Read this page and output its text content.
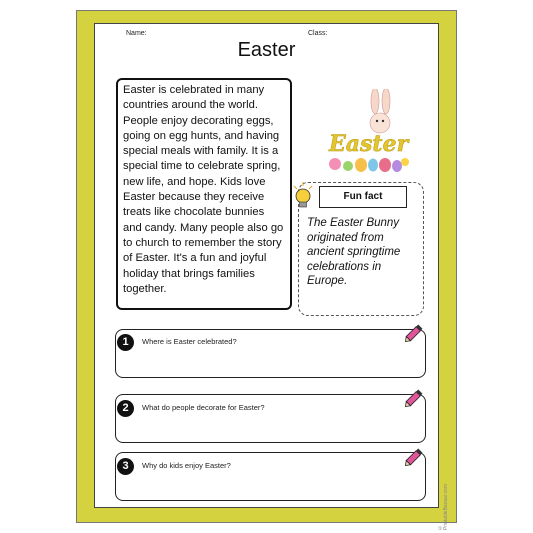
Name:	Class:
Easter
Easter is celebrated in many countries around the world. People enjoy decorating eggs, going on egg hunts, and having special meals with family. It is a special time to celebrate spring, new life, and hope. Kids love Easter because they receive treats like chocolate bunnies and candy. Many people also go to church to remember the story of Easter. It's a fun and joyful holiday that brings families together.
Easter
Fun fact
The Easter Bunny originated from ancient springtime celebrations in Europe.
1	Where is Easter celebrated?
2	What do people decorate for Easter?
3	Why do kids enjoy Easter?
© PrintableBazaar.com
